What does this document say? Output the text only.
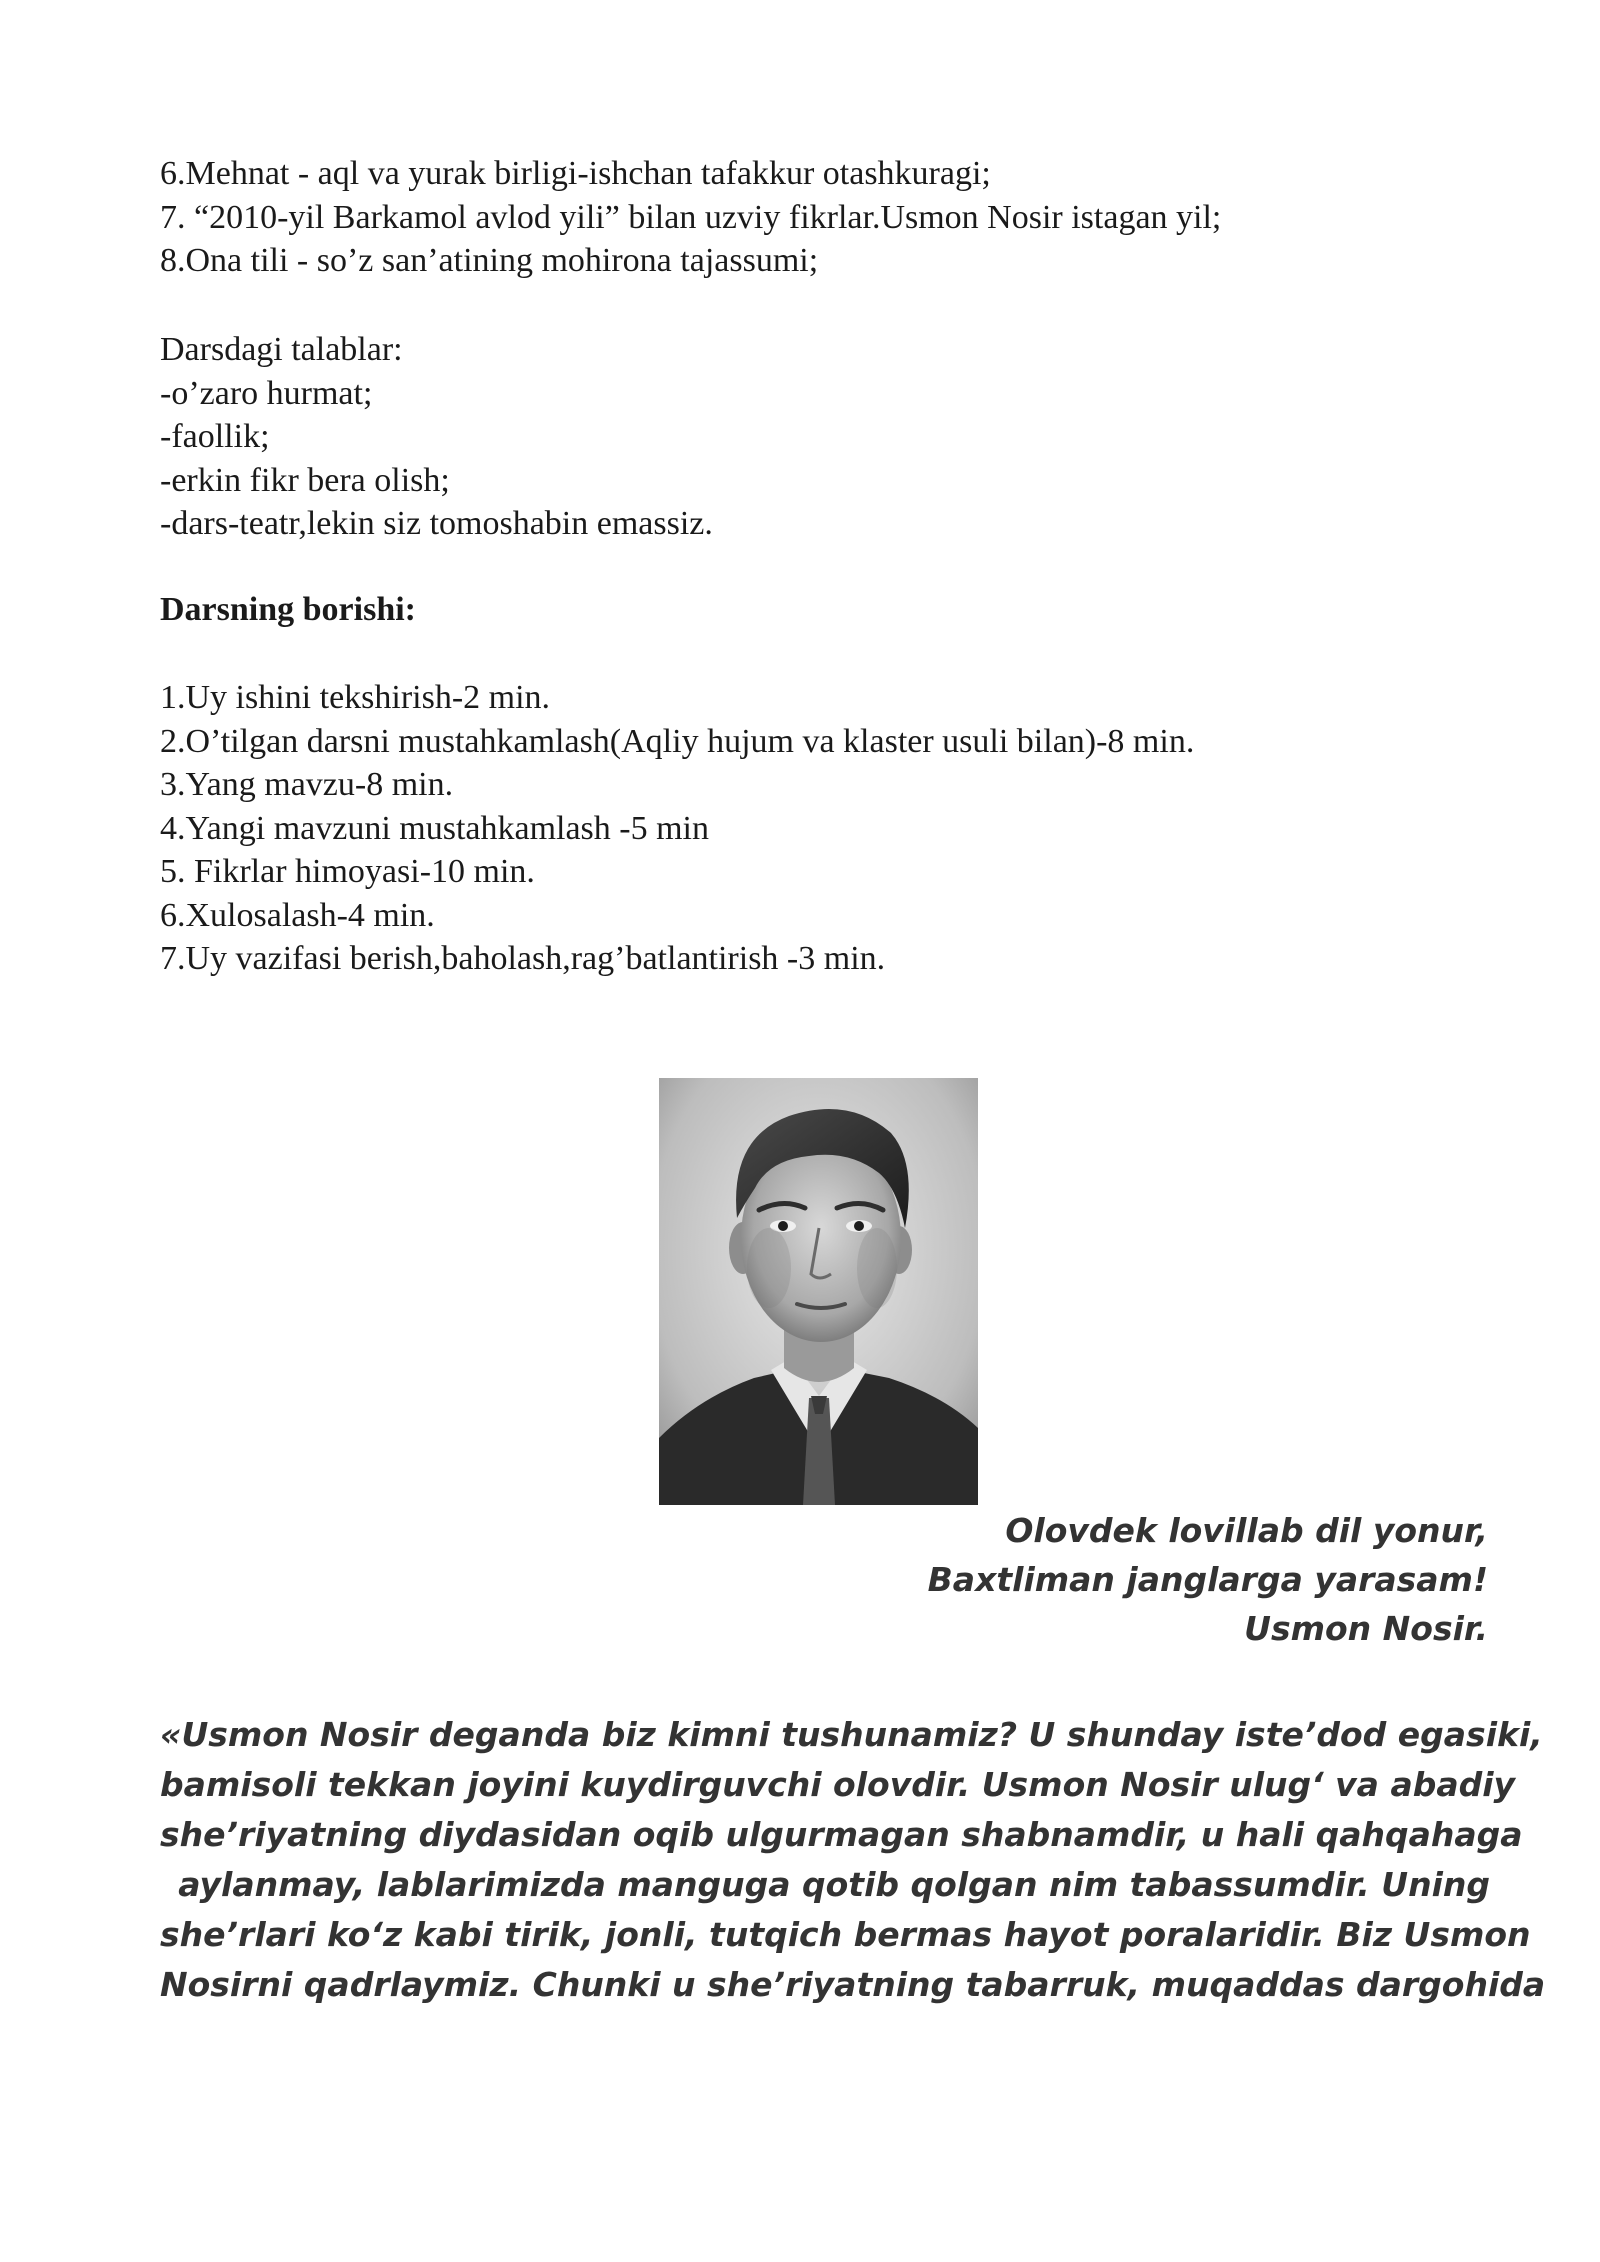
6.Mehnat - aql va yurak birligi-ishchan tafakkur otashkuragi;
7. “2010-yil Barkamol avlod yili” bilan uzviy fikrlar.Usmon Nosir istagan yil;
8.Ona tili - so’z san’atining mohirona tajassumi;
Darsdagi talablar:
-o’zaro hurmat;
-faollik;
-erkin fikr bera olish;
-dars-teatr,lekin siz tomoshabin emassiz.
Darsning borishi:
1.Uy ishini tekshirish-2 min.
2.O’tilgan darsni mustahkamlash(Aqliy hujum va klaster usuli bilan)-8 min.
3.Yang mavzu-8 min.
4.Yangi mavzuni mustahkamlash -5 min
5. Fikrlar himoyasi-10 min.
6.Xulosalash-4 min.
7.Uy vazifasi berish,baholash,rag’batlantirish -3 min.
Olovdek lovillab dil yonur,
Baxtliman janglarga yarasam!
Usmon Nosir.
«Usmon Nosir deganda biz kimni tushunamiz? U shunday iste’dod egasiki,
bamisoli tekkan joyini kuydirguvchi olovdir. Usmon Nosir ulug‘ va abadiy
she’riyatning diydasidan oqib ulgurmagan shabnamdir, u hali qahqahaga
aylanmay, lablarimizda manguga qotib qolgan nim tabassumdir. Uning
she’rlari ko‘z kabi tirik, jonli, tutqich bermas hayot poralaridir. Biz Usmon
Nosirni qadrlaymiz. Chunki u she’riyatning tabarruk, muqaddas dargohida
